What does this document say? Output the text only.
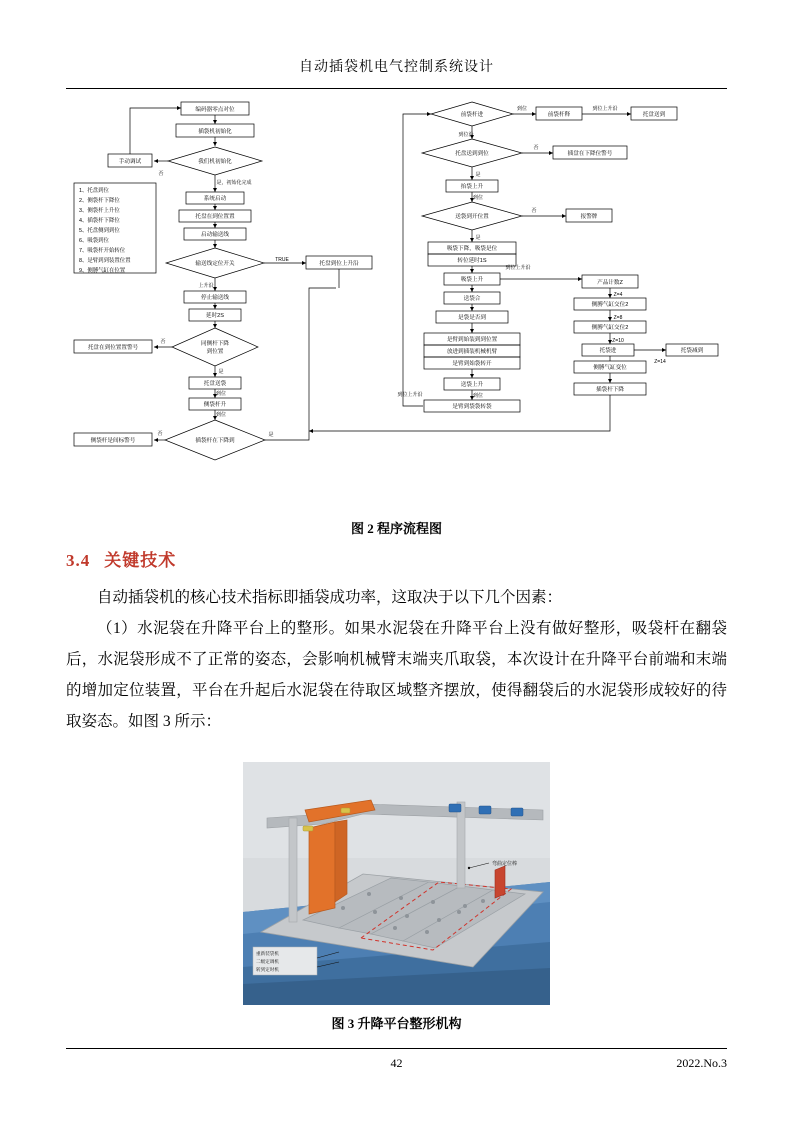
自动插袋机电气控制系统设计
编码器零点对位
插袋机初始化
我们机初始化
手动调试
否
是，初始化完成
系统启动
托盘在到位置置
启动输送线
输送线定位开关
TRUE
托盘到位上升沿
上升沿
停止输送线
延时2S
同侧杆下降
到位置
托盘在到位置置警号
否
是
托盘送袋
到位
侧袋杆升
到位
插袋杆在下降到
侧袋杆是间标警号
否	是
1、托盘到位
2、侧袋杆下降位
3、侧袋杆上升位
4、插袋杆下降位
5、托盘侧到到位
6、吸袋到位
7、吸袋杆开始转位
8、是臂到到装置位置
9、侧膊气缸在位置
前袋杆进
到位
前袋杆释
到位上升沿
托盘送到
到位沿
托盘送到到位
否
插盘在下降位警号
是
抬袋上升
到位
送袋到开位置
否
报警牌
是
吸袋下降，吸袋是位
转位延时1S
吸袋上升
到位上升沿
送袋合
是袋是否到
是臂到始装到到位置
放进到插装机械机臂
是臂到始袋转开
送袋上升
到位
是臂到袋袋转袋
到位上升沿
产品计数Z
Z=4
侧膊气缸交位2
Z=8
侧膊气缸交位2
Z=10
托袋进	托袋减到
侧膊气缸变位
Z=14
插袋杆下降
图 2 程序流程图
3.4 关键技术

自动插袋机的核心技术指标即插袋成功率，这取决于以下几个因素：

（1）水泥袋在升降平台上的整形。如果水泥袋在升降平台上没有做好整形，吸袋杆在翻袋后，水泥袋形成不了正常的姿态，会影响机械臂末端夹爪取袋，本次设计在升降平台前端和末端的增加定位装置，平台在升起后水泥袋在待取区域整齐摆放，使得翻袋后的水泥袋形成较好的待取姿态。如图 3 所示：

弯曲定位棒
重新装袋机
二级定调机
转到定时机
图 3 升降平台整形机构
42	2022.No.3
